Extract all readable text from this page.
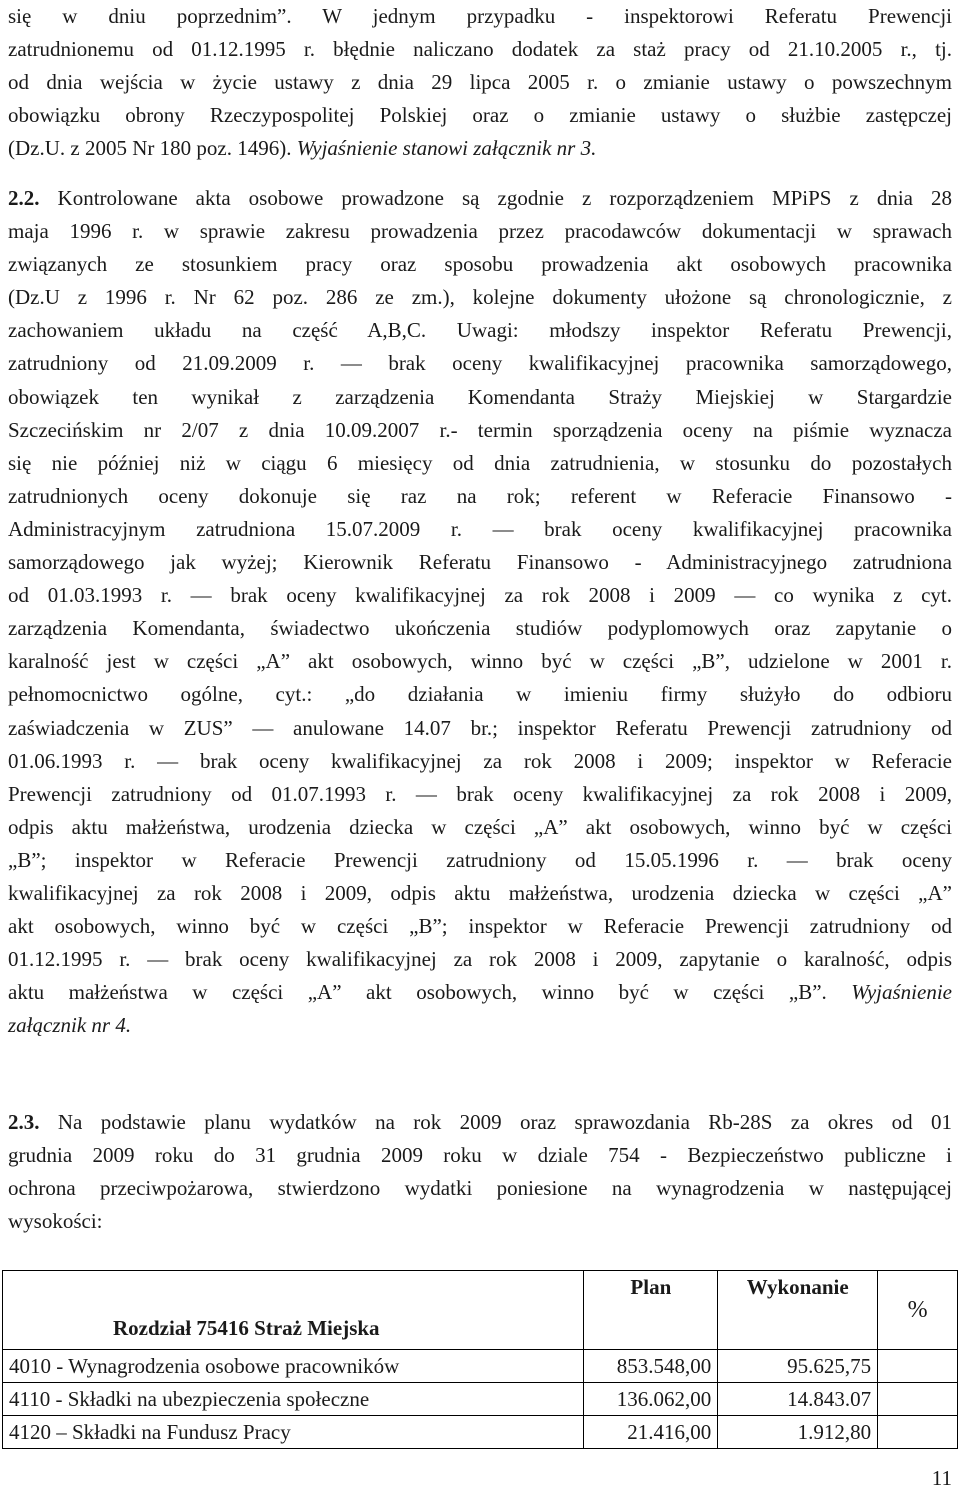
się w dniu poprzednim”. W jednym przypadku - inspektorowi Referatu Prewencji
zatrudnionemu od 01.12.1995 r. błędnie naliczano dodatek za staż pracy od 21.10.2005 r., tj.
od dnia wejścia w życie ustawy z dnia 29 lipca 2005 r. o zmianie ustawy o powszechnym
obowiązku obrony Rzeczypospolitej Polskiej oraz o zmianie ustawy o służbie zastępczej
(Dz.U. z 2005 Nr 180 poz. 1496). Wyjaśnienie stanowi załącznik nr 3.
2.2. Kontrolowane akta osobowe prowadzone są zgodnie z rozporządzeniem MPiPS z dnia 28
maja 1996 r. w sprawie zakresu prowadzenia przez pracodawców dokumentacji w sprawach
związanych ze stosunkiem pracy oraz sposobu prowadzenia akt osobowych pracownika
(Dz.U z 1996 r. Nr 62 poz. 286 ze zm.), kolejne dokumenty ułożone są chronologicznie, z
zachowaniem układu na część A,B,C. Uwagi: młodszy inspektor Referatu Prewencji,
zatrudniony od 21.09.2009 r. — brak oceny kwalifikacyjnej pracownika samorządowego,
obowiązek ten wynikał z zarządzenia Komendanta Straży Miejskiej w Stargardzie
Szczecińskim nr 2/07 z dnia 10.09.2007 r.- termin sporządzenia oceny na piśmie wyznacza
się nie później niż w ciągu 6 miesięcy od dnia zatrudnienia, w stosunku do pozostałych
zatrudnionych oceny dokonuje się raz na rok; referent w Referacie Finansowo -
Administracyjnym zatrudniona 15.07.2009 r. — brak oceny kwalifikacyjnej pracownika
samorządowego jak wyżej; Kierownik Referatu Finansowo - Administracyjnego zatrudniona
od 01.03.1993 r. — brak oceny kwalifikacyjnej za rok 2008 i 2009 — co wynika z cyt.
zarządzenia Komendanta, świadectwo ukończenia studiów podyplomowych oraz zapytanie o
karalność jest w części „A” akt osobowych, winno być w części „B”, udzielone w 2001 r.
pełnomocnictwo ogólne, cyt.: „do działania w imieniu firmy służyło do odbioru
zaświadczenia w ZUS” — anulowane 14.07 br.; inspektor Referatu Prewencji zatrudniony od
01.06.1993 r. — brak oceny kwalifikacyjnej za rok 2008 i 2009; inspektor w Referacie
Prewencji zatrudniony od 01.07.1993 r. — brak oceny kwalifikacyjnej za rok 2008 i 2009,
odpis aktu małżeństwa, urodzenia dziecka w części „A” akt osobowych, winno być w części
„B”; inspektor w Referacie Prewencji zatrudniony od 15.05.1996 r. — brak oceny
kwalifikacyjnej za rok 2008 i 2009, odpis aktu małżeństwa, urodzenia dziecka w części „A”
akt osobowych, winno być w części „B”; inspektor w Referacie Prewencji zatrudniony od
01.12.1995 r. — brak oceny kwalifikacyjnej za rok 2008 i 2009, zapytanie o karalność, odpis
aktu małżeństwa w części „A” akt osobowych, winno być w części „B”. Wyjaśnienie
załącznik nr 4.
2.3. Na podstawie planu wydatków na rok 2009 oraz sprawozdania Rb-28S za okres od 01
grudnia 2009 roku do 31 grudnia 2009 roku w dziale 754 - Bezpieczeństwo publiczne i
ochrona przeciwpożarowa, stwierdzono wydatki poniesione na wynagrodzenia w następującej
wysokości:
Rozdział 75416 Straż Miejska	Plan	Wykonanie	%
4010 - Wynagrodzenia osobowe pracowników	853.548,00	95.625,75	
4110 - Składki na ubezpieczenia społeczne	136.062,00	14.843.07	
4120 – Składki na Fundusz Pracy	21.416,00	1.912,80	
11
